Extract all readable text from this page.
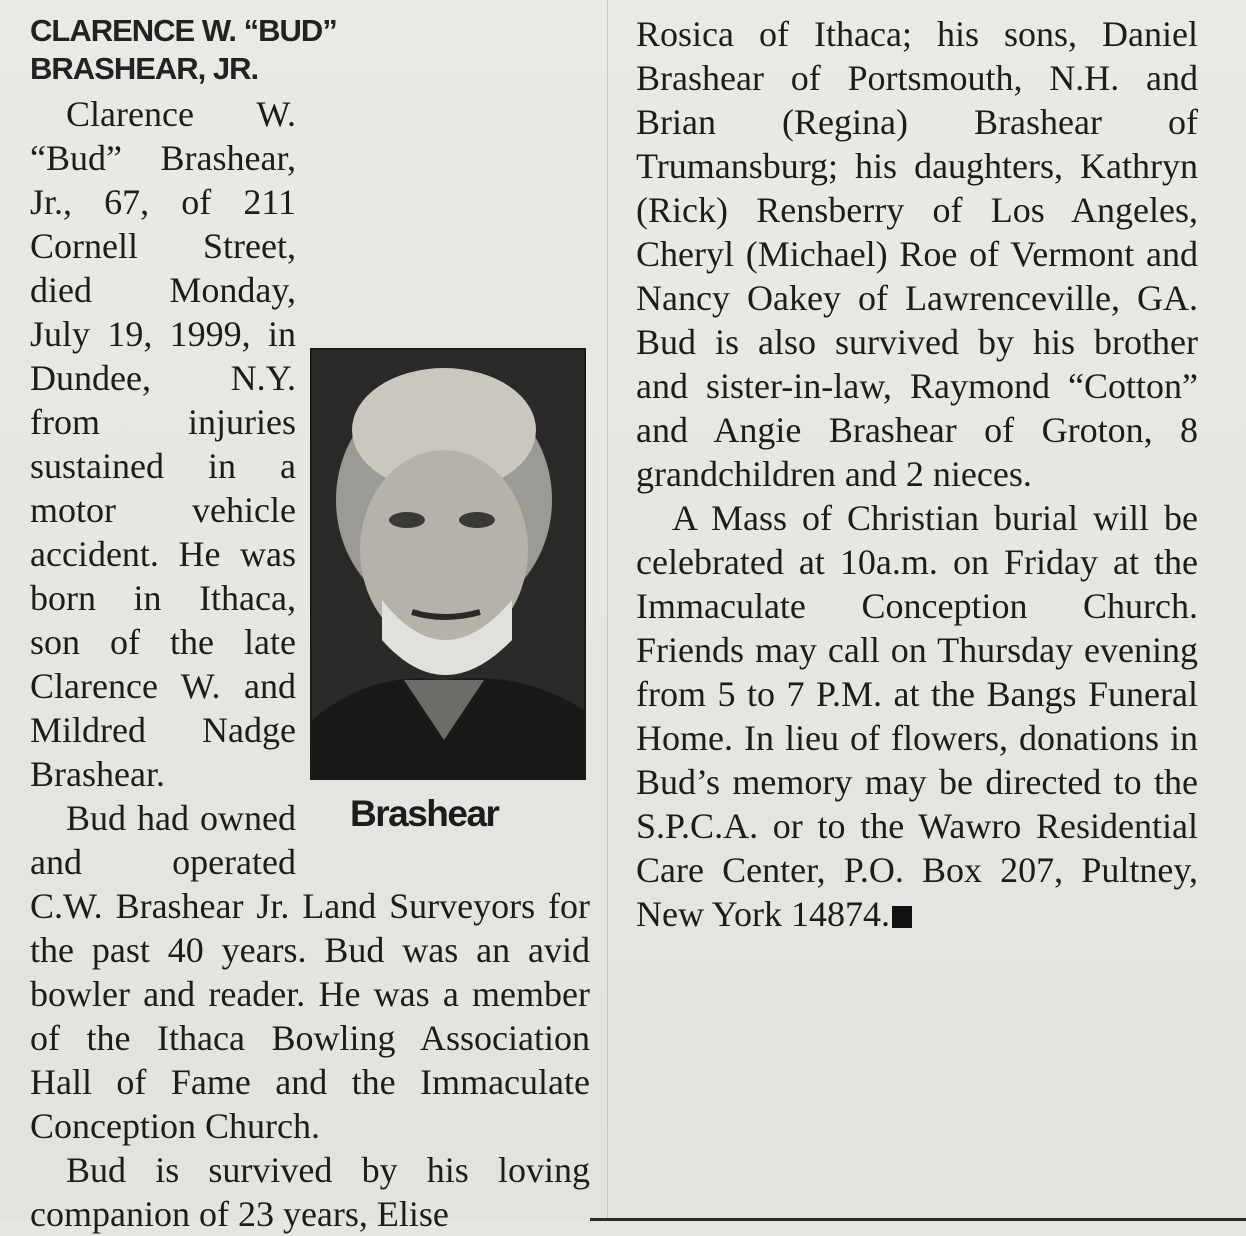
CLARENCE W. “BUD”
BRASHEAR, JR.

Brashear
Clarence W. “Bud” Brashear, Jr., 67, of 211 Cornell Street, died Monday, July 19, 1999, in Dundee, N.Y. from injuries sustained in a motor vehicle accident. He was born in Ithaca, son of the late Clarence W. and Mildred Nadge Brashear.

Bud had owned and operated C.W. Brashear Jr. Land Surveyors for the past 40 years. Bud was an avid bowler and reader. He was a member of the Ithaca Bowling Association Hall of Fame and the Immaculate Conception Church.

Bud is survived by his loving companion of 23 years, Elise

Rosica of Ithaca; his sons, Daniel Brashear of Portsmouth, N.H. and Brian (Regina) Brashear of Trumansburg; his daughters, Kathryn (Rick) Rensberry of Los Angeles, Cheryl (Michael) Roe of Vermont and Nancy Oakey of Lawrenceville, GA. Bud is also survived by his brother and sister-in-law, Raymond “Cotton” and Angie Brashear of Groton, 8 grandchildren and 2 nieces.

A Mass of Christian burial will be celebrated at 10a.m. on Friday at the Immaculate Conception Church. Friends may call on Thursday evening from 5 to 7 P.M. at the Bangs Funeral Home. In lieu of flowers, donations in Bud’s memory may be directed to the S.P.C.A. or to the Wawro Residential Care Center, P.O. Box 207, Pultney, New York 14874.
